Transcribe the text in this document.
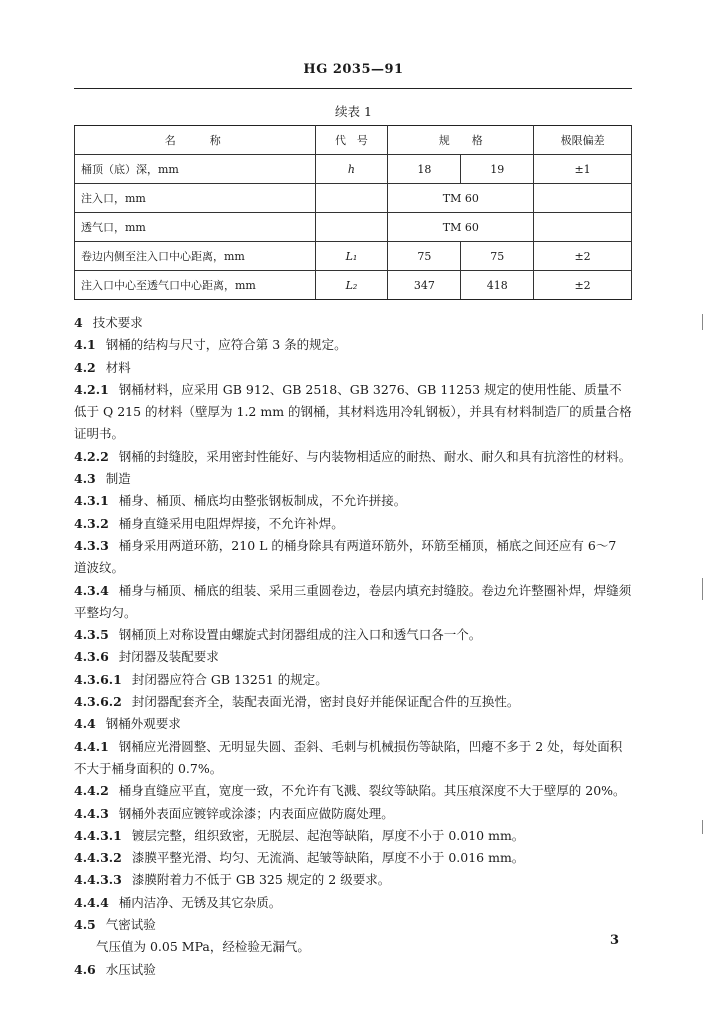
HG 2035—91
续表 1
名　　称	代　号	规　　格		极限偏差
桶顶（底）深，mm	h	18	19	±1
注入口，mm		TM 60		
透气口，mm		TM 60		
卷边内侧至注入口中心距离，mm	L₁	75	75	±2
注入口中心至透气口中心距离，mm	L₂	347	418	±2

4 技术要求

4.1 钢桶的结构与尺寸，应符合第 3 条的规定。

4.2 材料

4.2.1 钢桶材料，应采用 GB 912、GB 2518、GB 3276、GB 11253 规定的使用性能、质量不低于 Q 215 的材料（壁厚为 1.2 mm 的钢桶，其材料选用冷轧钢板），并具有材料制造厂的质量合格证明书。

4.2.2 钢桶的封缝胶，采用密封性能好、与内装物相适应的耐热、耐水、耐久和具有抗溶性的材料。

4.3 制造

4.3.1 桶身、桶顶、桶底均由整张钢板制成，不允许拼接。

4.3.2 桶身直缝采用电阻焊焊接，不允许补焊。

4.3.3 桶身采用两道环筋，210 L 的桶身除具有两道环筋外，环筋至桶顶，桶底之间还应有 6～7 道波纹。

4.3.4 桶身与桶顶、桶底的组装、采用三重圆卷边，卷层内填充封缝胶。卷边允许整圈补焊，焊缝须平整均匀。

4.3.5 钢桶顶上对称设置由螺旋式封闭器组成的注入口和透气口各一个。

4.3.6 封闭器及装配要求

4.3.6.1 封闭器应符合 GB 13251 的规定。

4.3.6.2 封闭器配套齐全，装配表面光滑，密封良好并能保证配合件的互换性。

4.4 钢桶外观要求

4.4.1 钢桶应光滑圆整、无明显失圆、歪斜、毛刺与机械损伤等缺陷，凹瘪不多于 2 处，每处面积不大于桶身面积的 0.7%。

4.4.2 桶身直缝应平直，宽度一致，不允许有飞溅、裂纹等缺陷。其压痕深度不大于壁厚的 20%。

4.4.3 钢桶外表面应镀锌或涂漆；内表面应做防腐处理。

4.4.3.1 镀层完整，组织致密，无脱层、起泡等缺陷，厚度不小于 0.010 mm。

4.4.3.2 漆膜平整光滑、均匀、无流淌、起皱等缺陷，厚度不小于 0.016 mm。

4.4.3.3 漆膜附着力不低于 GB 325 规定的 2 级要求。

4.4.4 桶内洁净、无锈及其它杂质。

4.5 气密试验

气压值为 0.05 MPa，经检验无漏气。

4.6 水压试验

3
